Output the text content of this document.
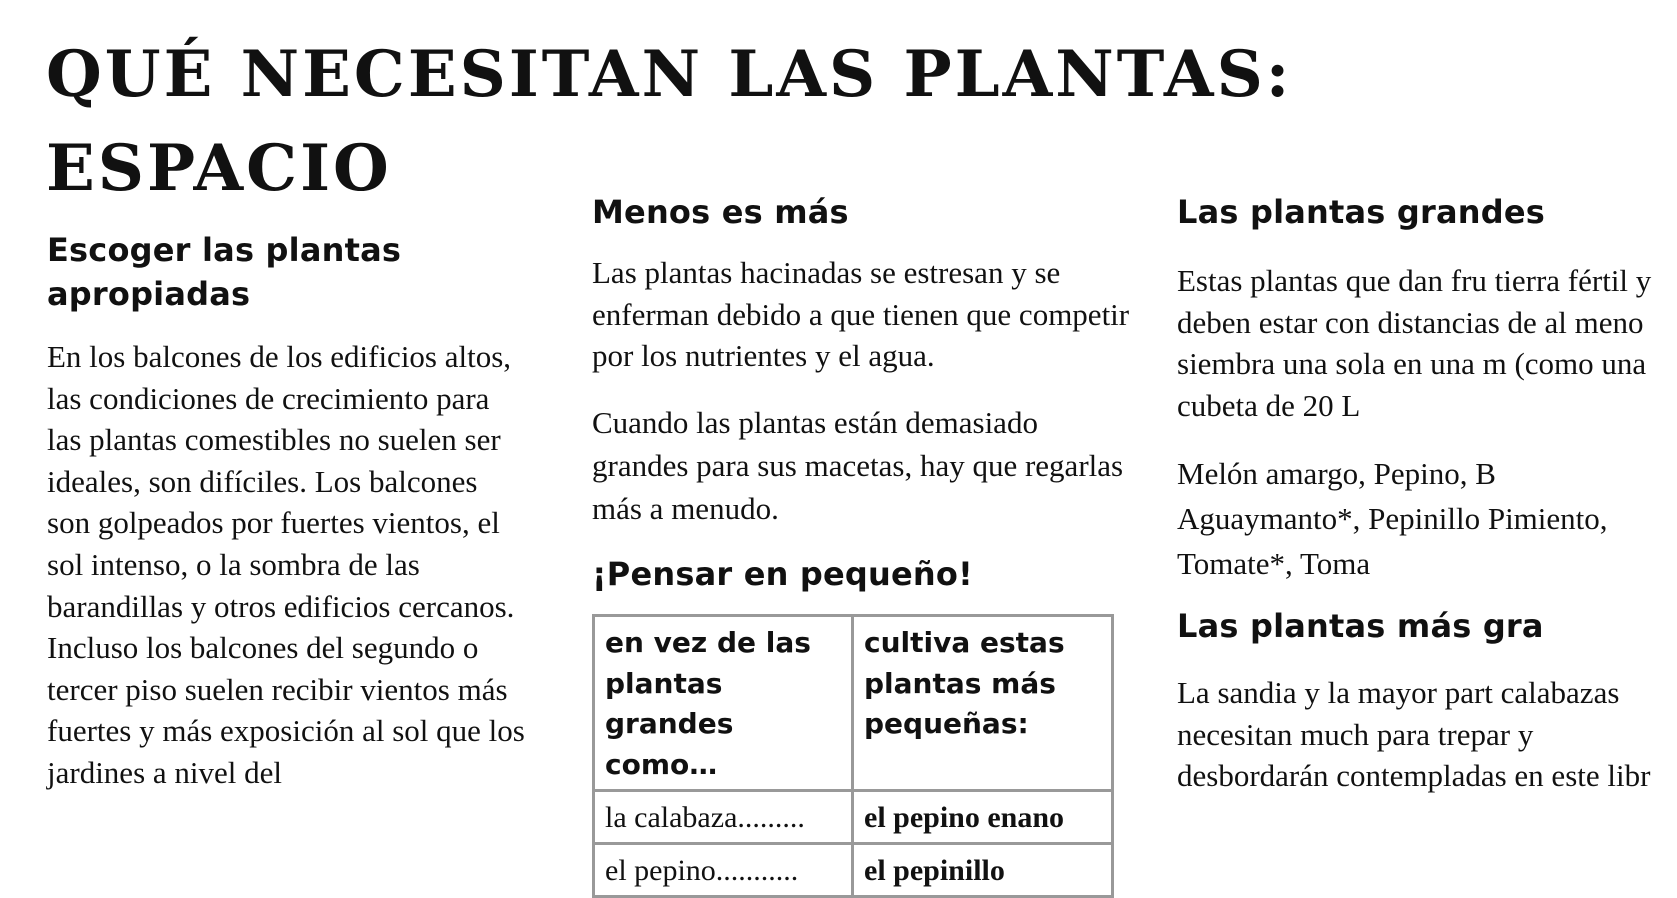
QUÉ NECESITAN LAS PLANTAS: ESPACIO
Escoger las plantas apropiadas

En los balcones de los edificios altos, las condiciones de crecimiento para las plantas comestibles no suelen ser ideales, son difíciles. Los balcones son golpeados por fuertes vientos, el sol intenso, o la sombra de las barandillas y otros edificios cercanos. Incluso los balcones del segundo o tercer piso suelen recibir vientos más fuertes y más exposición al sol que los jardines a nivel del

Menos es más

Las plantas hacinadas se estresan y se enferman debido a que tienen que competir por los nutrientes y el agua.

Cuando las plantas están demasiado grandes para sus macetas, hay que regarlas más a menudo.

¡Pensar en pequeño!
en vez de las plantas grandes como…	cultiva estas plantas más pequeñas:
la calabaza.........	el pepino enano
el pepino...........	el pepinillo
Las plantas grandes

Estas plantas que dan fru tierra fértil y deben estar con distancias de al meno siembra una sola en una m (como una cubeta de 20 L

Melón amargo, Pepino, B Aguaymanto*, Pepinillo Pimiento, Tomate*, Toma

Las plantas más gra

La sandia y la mayor part calabazas necesitan much para trepar y desbordarán contempladas en este libr
